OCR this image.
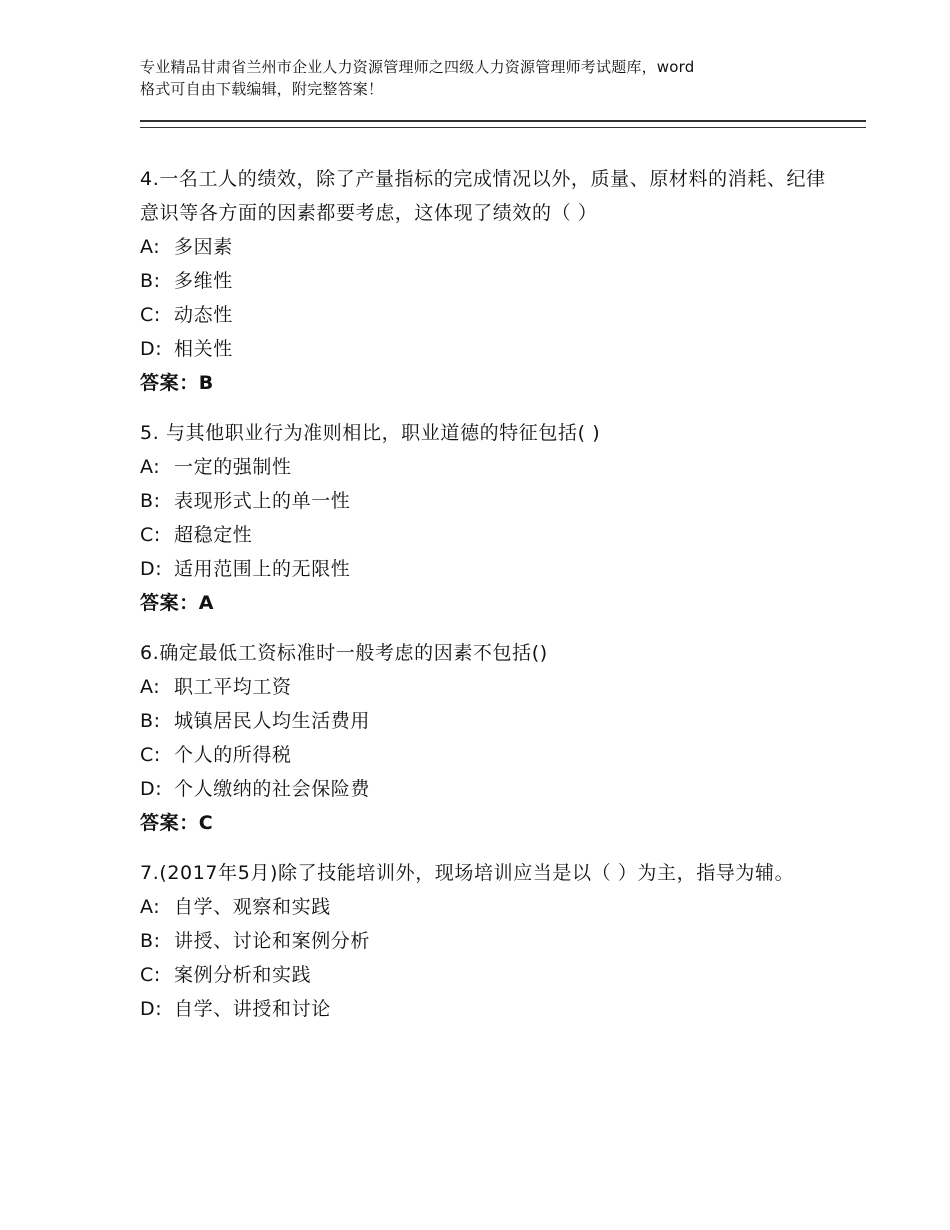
专业精品甘肃省兰州市企业人力资源管理师之四级人力资源管理师考试题库，word
格式可自由下载编辑，附完整答案！
4.一名工人的绩效，除了产量指标的完成情况以外，质量、原材料的消耗、纪律意识等各方面的因素都要考虑，这体现了绩效的（ ）
A: 多因素
B: 多维性
C: 动态性
D: 相关性
答案：B
5. 与其他职业行为准则相比，职业道德的特征包括( )
A: 一定的强制性
B: 表现形式上的单一性
C: 超稳定性
D: 适用范围上的无限性
答案：A
6.确定最低工资标准时一般考虑的因素不包括()
A: 职工平均工资
B: 城镇居民人均生活费用
C: 个人的所得税
D: 个人缴纳的社会保险费
答案：C
7.(2017年5月)除了技能培训外，现场培训应当是以（ ）为主，指导为辅。
A: 自学、观察和实践
B: 讲授、讨论和案例分析
C: 案例分析和实践
D: 自学、讲授和讨论
